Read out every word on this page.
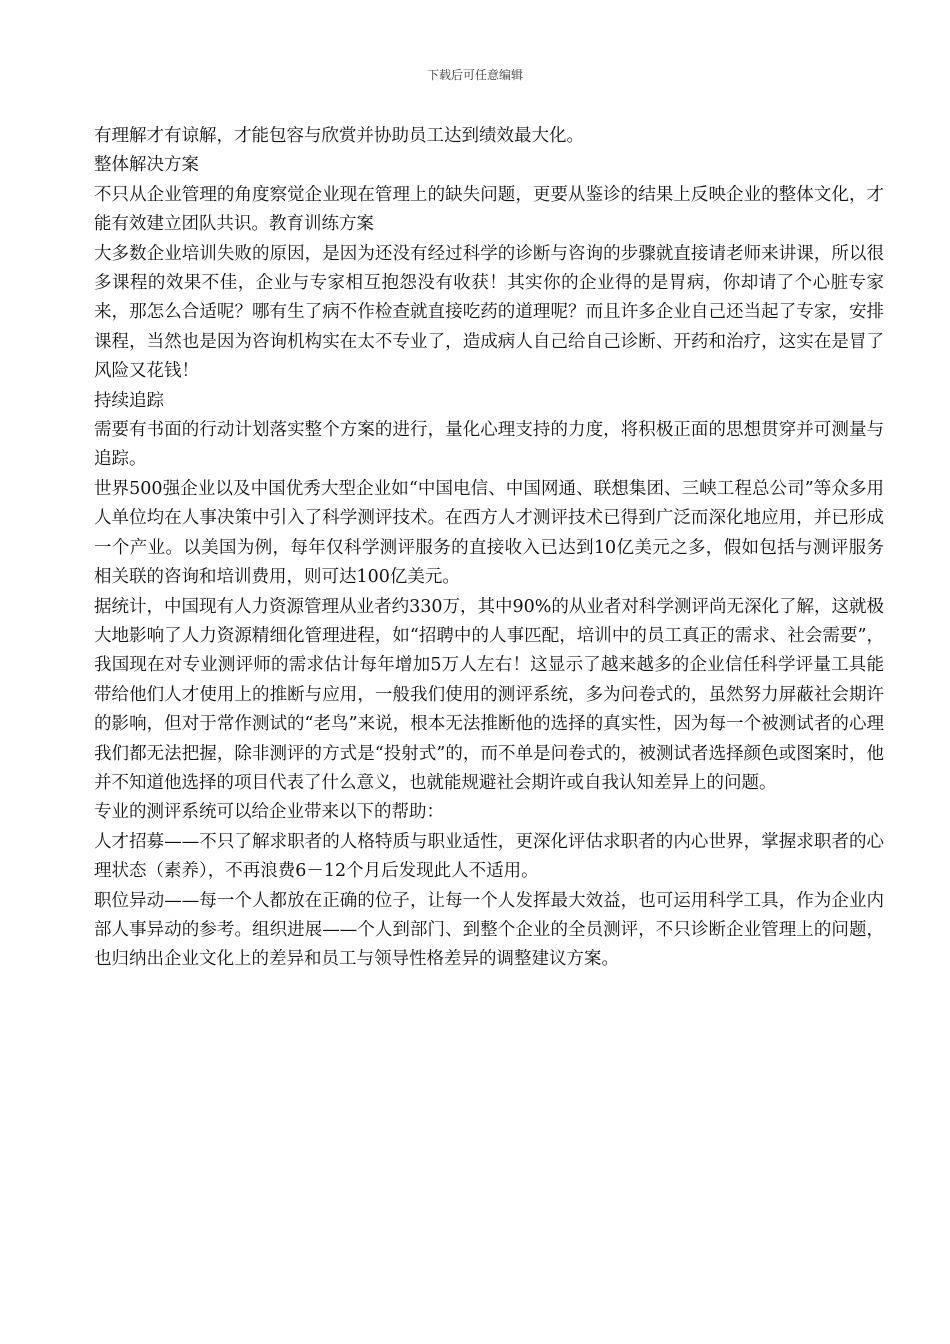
下载后可任意编辑

有理解才有谅解，才能包容与欣赏并协助员工达到绩效最大化。

整体解决方案

不只从企业管理的角度察觉企业现在管理上的缺失问题，更要从鉴诊的结果上反映企业的整体文化，才能有效建立团队共识。教育训练方案

大多数企业培训失败的原因，是因为还没有经过科学的诊断与咨询的步骤就直接请老师来讲课，所以很多课程的效果不佳，企业与专家相互抱怨没有收获！其实你的企业得的是胃病，你却请了个心脏专家来，那怎么合适呢？哪有生了病不作检查就直接吃药的道理呢？而且许多企业自己还当起了专家，安排课程，当然也是因为咨询机构实在太不专业了，造成病人自己给自己诊断、开药和治疗，这实在是冒了风险又花钱！

持续追踪

需要有书面的行动计划落实整个方案的进行，量化心理支持的力度，将积极正面的思想贯穿并可测量与追踪。

世界500强企业以及中国优秀大型企业如“中国电信、中国网通、联想集团、三峡工程总公司”等众多用人单位均在人事决策中引入了科学测评技术。在西方人才测评技术已得到广泛而深化地应用，并已形成一个产业。以美国为例，每年仅科学测评服务的直接收入已达到10亿美元之多，假如包括与测评服务相关联的咨询和培训费用，则可达100亿美元。

据统计，中国现有人力资源管理从业者约330万，其中90%的从业者对科学测评尚无深化了解，这就极大地影响了人力资源精细化管理进程，如“招聘中的人事匹配，培训中的员工真正的需求、社会需要”，我国现在对专业测评师的需求估计每年增加5万人左右！这显示了越来越多的企业信任科学评量工具能带给他们人才使用上的推断与应用，一般我们使用的测评系统，多为问卷式的，虽然努力屏蔽社会期许的影响，但对于常作测试的“老鸟”来说，根本无法推断他的选择的真实性，因为每一个被测试者的心理我们都无法把握，除非测评的方式是“投射式”的，而不单是问卷式的，被测试者选择颜色或图案时，他并不知道他选择的项目代表了什么意义，也就能规避社会期许或自我认知差异上的问题。

专业的测评系统可以给企业带来以下的帮助：

人才招募——不只了解求职者的人格特质与职业适性，更深化评估求职者的内心世界，掌握求职者的心理状态（素养），不再浪费6－12个月后发现此人不适用。

职位异动——每一个人都放在正确的位子，让每一个人发挥最大效益，也可运用科学工具，作为企业内部人事异动的参考。组织进展——个人到部门、到整个企业的全员测评，不只诊断企业管理上的问题，也归纳出企业文化上的差异和员工与领导性格差异的调整建议方案。
